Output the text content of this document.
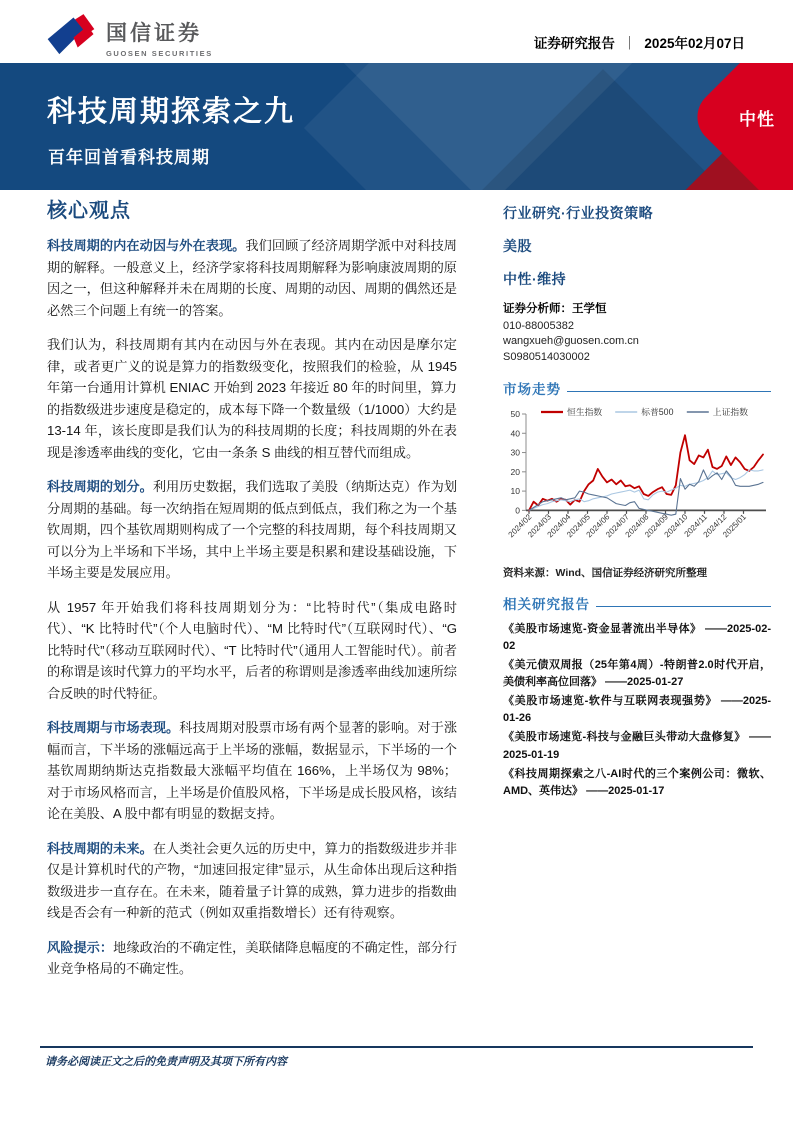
国信证券
GUOSEN SECURITIES
证券研究报告 ｜ 2025年02月07日
中性
科技周期探索之九
百年回首看科技周期
核心观点

科技周期的内在动因与外在表现。我们回顾了经济周期学派中对科技周期的解释。一般意义上，经济学家将科技周期解释为影响康波周期的原因之一，但这种解释并未在周期的长度、周期的动因、周期的偶然还是必然三个问题上有统一的答案。

我们认为，科技周期有其内在动因与外在表现。其内在动因是摩尔定律，或者更广义的说是算力的指数级变化，按照我们的检验，从 1945 年第一台通用计算机 ENIAC 开始到 2023 年接近 80 年的时间里，算力的指数级进步速度是稳定的，成本每下降一个数量级（1/1000）大约是 13-14 年，该长度即是我们认为的科技周期的长度；科技周期的外在表现是渗透率曲线的变化，它由一条条 S 曲线的相互替代而组成。

科技周期的划分。利用历史数据，我们选取了美股（纳斯达克）作为划分周期的基础。每一次纳指在短周期的低点到低点，我们称之为一个基钦周期，四个基钦周期则构成了一个完整的科技周期，每个科技周期又可以分为上半场和下半场，其中上半场主要是积累和建设基础设施，下半场主要是发展应用。

从 1957 年开始我们将科技周期划分为：“比特时代”（集成电路时代）、“K 比特时代”（个人电脑时代）、“M 比特时代”（互联网时代）、“G 比特时代”（移动互联网时代）、“T 比特时代”（通用人工智能时代）。前者的称谓是该时代算力的平均水平，后者的称谓则是渗透率曲线加速所综合反映的时代特征。

科技周期与市场表现。科技周期对股票市场有两个显著的影响。对于涨幅而言，下半场的涨幅远高于上半场的涨幅，数据显示，下半场的一个基钦周期纳斯达克指数最大涨幅平均值在 166%，上半场仅为 98%；对于市场风格而言，上半场是价值股风格，下半场是成长股风格，该结论在美股、A 股中都有明显的数据支持。

科技周期的未来。在人类社会更久远的历史中，算力的指数级进步并非仅是计算机时代的产物，“加速回报定律”显示，从生命体出现后这种指数级进步一直存在。在未来，随着量子计算的成熟，算力进步的指数曲线是否会有一种新的范式（例如双重指数增长）还有待观察。

风险提示：地缘政治的不确定性，美联储降息幅度的不确定性，部分行业竞争格局的不确定性。

行业研究·行业投资策略
美股
中性·维持
证券分析师：王学恒
010-88005382
wangxueh@guosen.com.cn
S0980514030002
市场走势
0
10
20
30
40
50
2024/02
2024/03
2024/04
2024/05
2024/06
2024/07
2024/08
2024/09
2024/10
2024/11
2024/12
2025/01
恒生指数	标普500	上证指数
资料来源：Wind、国信证券经济研究所整理
相关研究报告
《美股市场速览-资金显著流出半导体》 ——2025-02-02
《美元债双周报（25年第4周）-特朗普2.0时代开启，美债利率高位回落》 ——2025-01-27
《美股市场速览-软件与互联网表现强势》 ——2025-01-26
《美股市场速览-科技与金融巨头带动大盘修复》 ——2025-01-19
《科技周期探索之八-AI时代的三个案例公司：微软、AMD、英伟达》 ——2025-01-17
请务必阅读正文之后的免责声明及其项下所有内容
